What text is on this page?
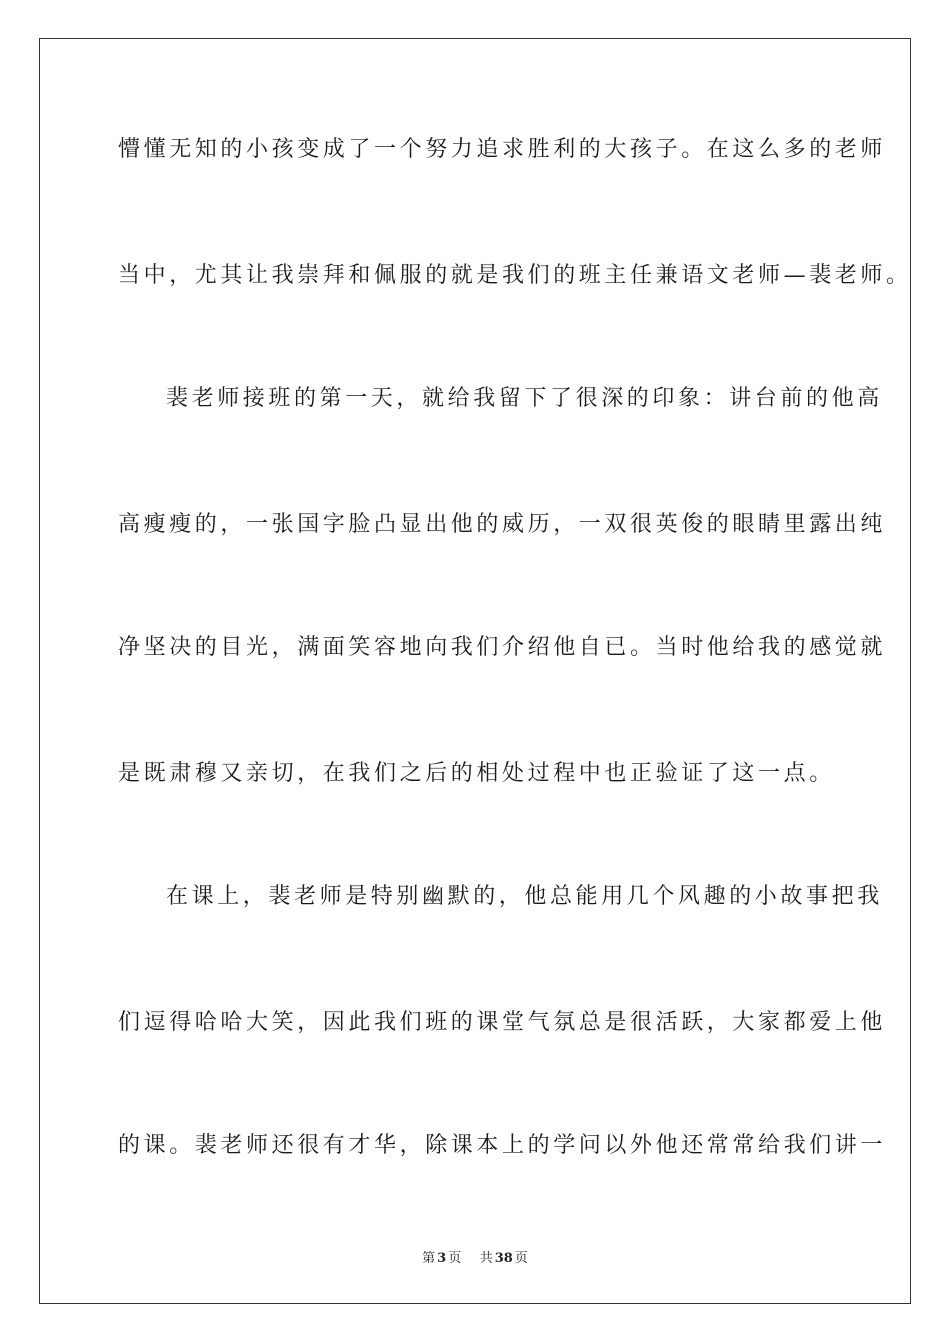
懵懂无知的小孩变成了一个努力追求胜利的大孩子。在这么多的老师
当中，尤其让我崇拜和佩服的就是我们的班主任兼语文老师—裴老师。
裴老师接班的第一天，就给我留下了很深的印象：讲台前的他高
高瘦瘦的，一张国字脸凸显出他的威历，一双很英俊的眼睛里露出纯
净坚决的目光，满面笑容地向我们介绍他自已。当时他给我的感觉就
是既肃穆又亲切，在我们之后的相处过程中也正验证了这一点。
在课上，裴老师是特别幽默的，他总能用几个风趣的小故事把我
们逗得哈哈大笑，因此我们班的课堂气氛总是很活跃，大家都爱上他
的课。裴老师还很有才华，除课本上的学问以外他还常常给我们讲一
第 3 页 共 38 页
